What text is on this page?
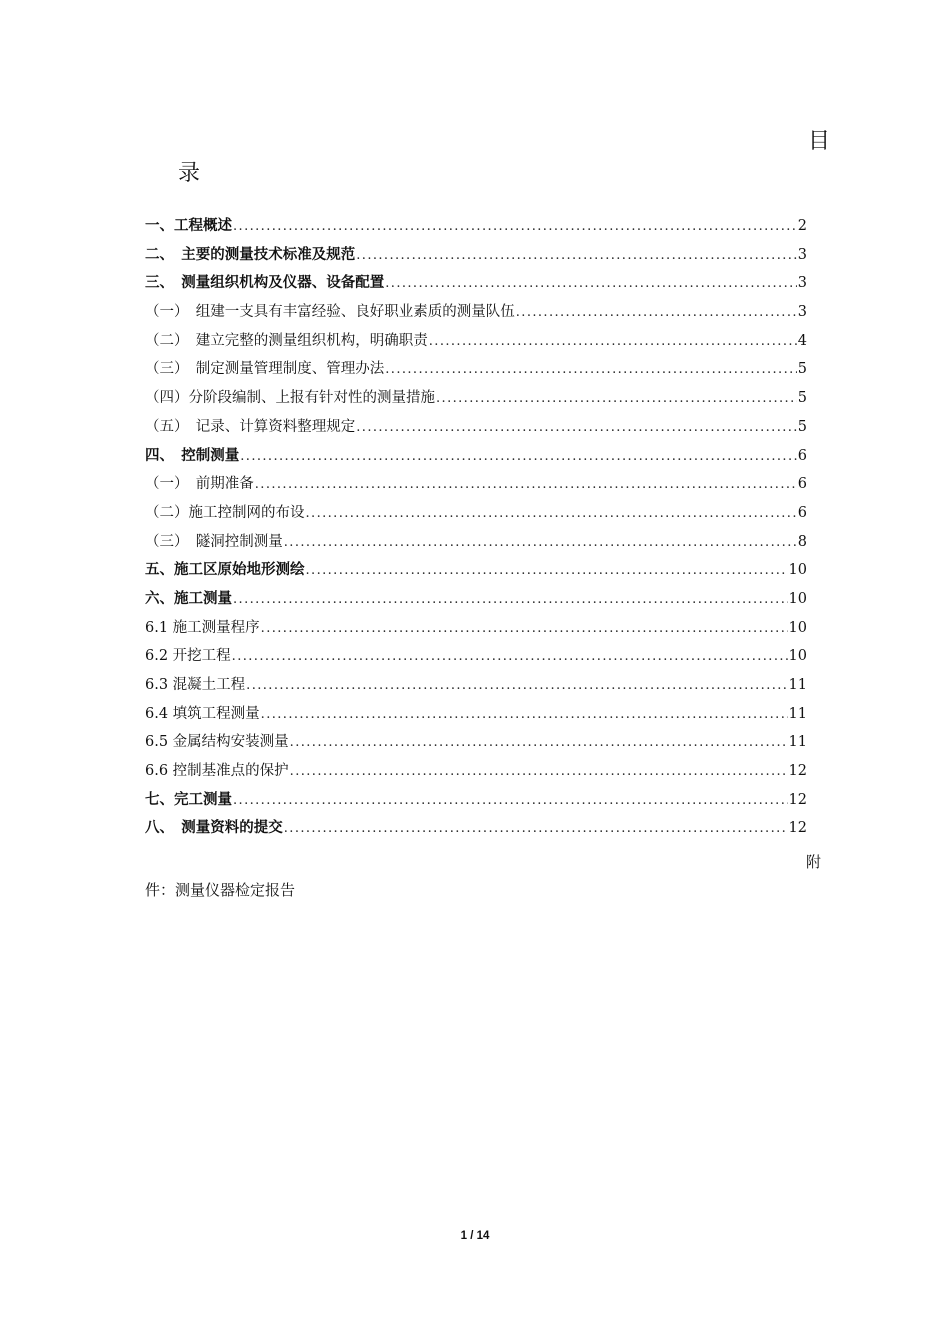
目
录
一、工程概述 .....	2
二、　主要的测量技术标准及规范 .....	3
三、　测量组织机构及仪器、设备配置 .....	3
（一）　组建一支具有丰富经验、良好职业素质的测量队伍 .....	3
（二）　建立完整的测量组织机构，明确职责 .....	4
（三）　制定测量管理制度、管理办法 .....	5
（四）分阶段编制、上报有针对性的测量措施 .....	5
（五）　记录、计算资料整理规定 .....	5
四、　控制测量 .....	6
（一）　前期准备 .....	6
（二）施工控制网的布设 .....	6
（三）　隧洞控制测量 .....	8
五、施工区原始地形测绘 .....	10
六、施工测量 .....	10
6.1 施工测量程序 .....	10
6.2 开挖工程 .....	10
6.3 混凝土工程 .....	11
6.4 填筑工程测量 .....	11
6.5 金属结构安装测量 .....	11
6.6 控制基准点的保护 .....	12
七、完工测量 .....	12
八、　测量资料的提交 .....	12
附
件：测量仪器检定报告
1 / 14
